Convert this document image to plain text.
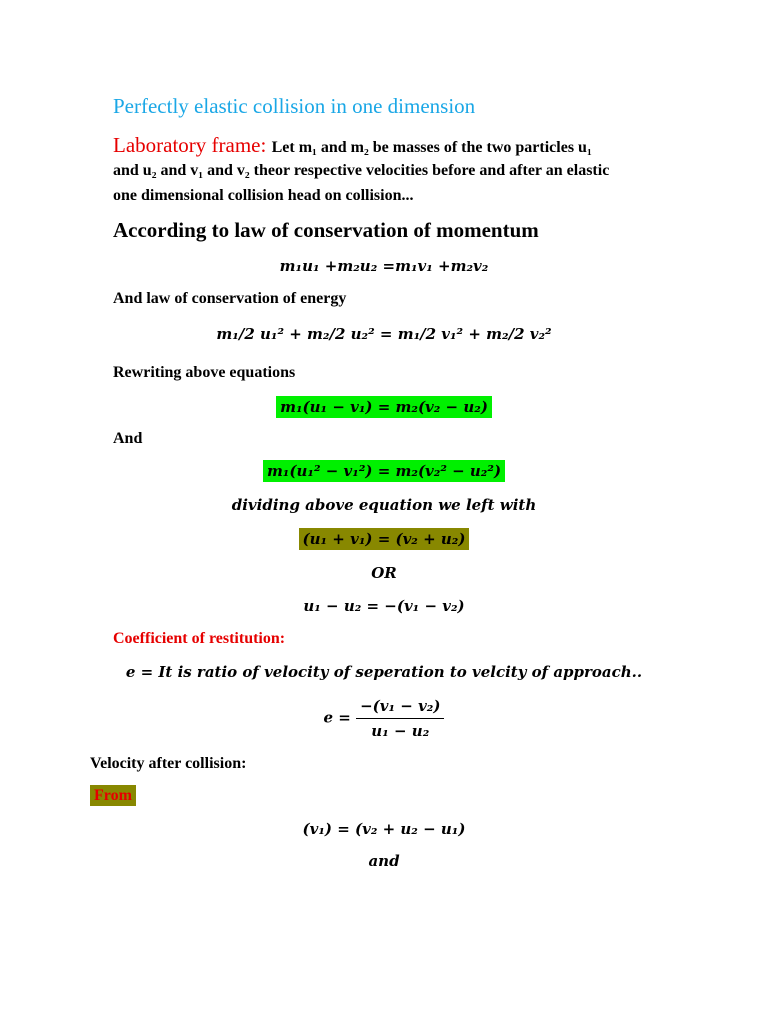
Perfectly elastic collision in one dimension
Laboratory frame: Let m₁ and m₂ be masses of the two particles u₁
and u₂ and v₁ and v₂ theor respective velocities before and after an elastic
one dimensional collision head on collision...
According to law of conservation of momentum
m₁u₁ +m₂u₂ =m₁v₁ +m₂v₂
And law of conservation of energy
m₁/2 u₁² + m₂/2 u₂² = m₁/2 v₁² + m₂/2 v₂²
Rewriting above equations
m₁(u₁ − v₁) = m₂(v₂ − u₂)
And
m₁(u₁² − v₁²) = m₂(v₂² − u₂²)
dividing above equation we left with
(u₁ + v₁) = (v₂ + u₂)
OR
u₁ − u₂ = −(v₁ − v₂)
Coefficient of restitution:
e = It is ratio of velocity of seperation to velcity of approach..
$e = \frac{\text{−(v₁ − v₂)}}{\text{u₁ − u₂}}$
Velocity after collision:
From
(v₁) = (v₂ + u₂ − u₁)
and
